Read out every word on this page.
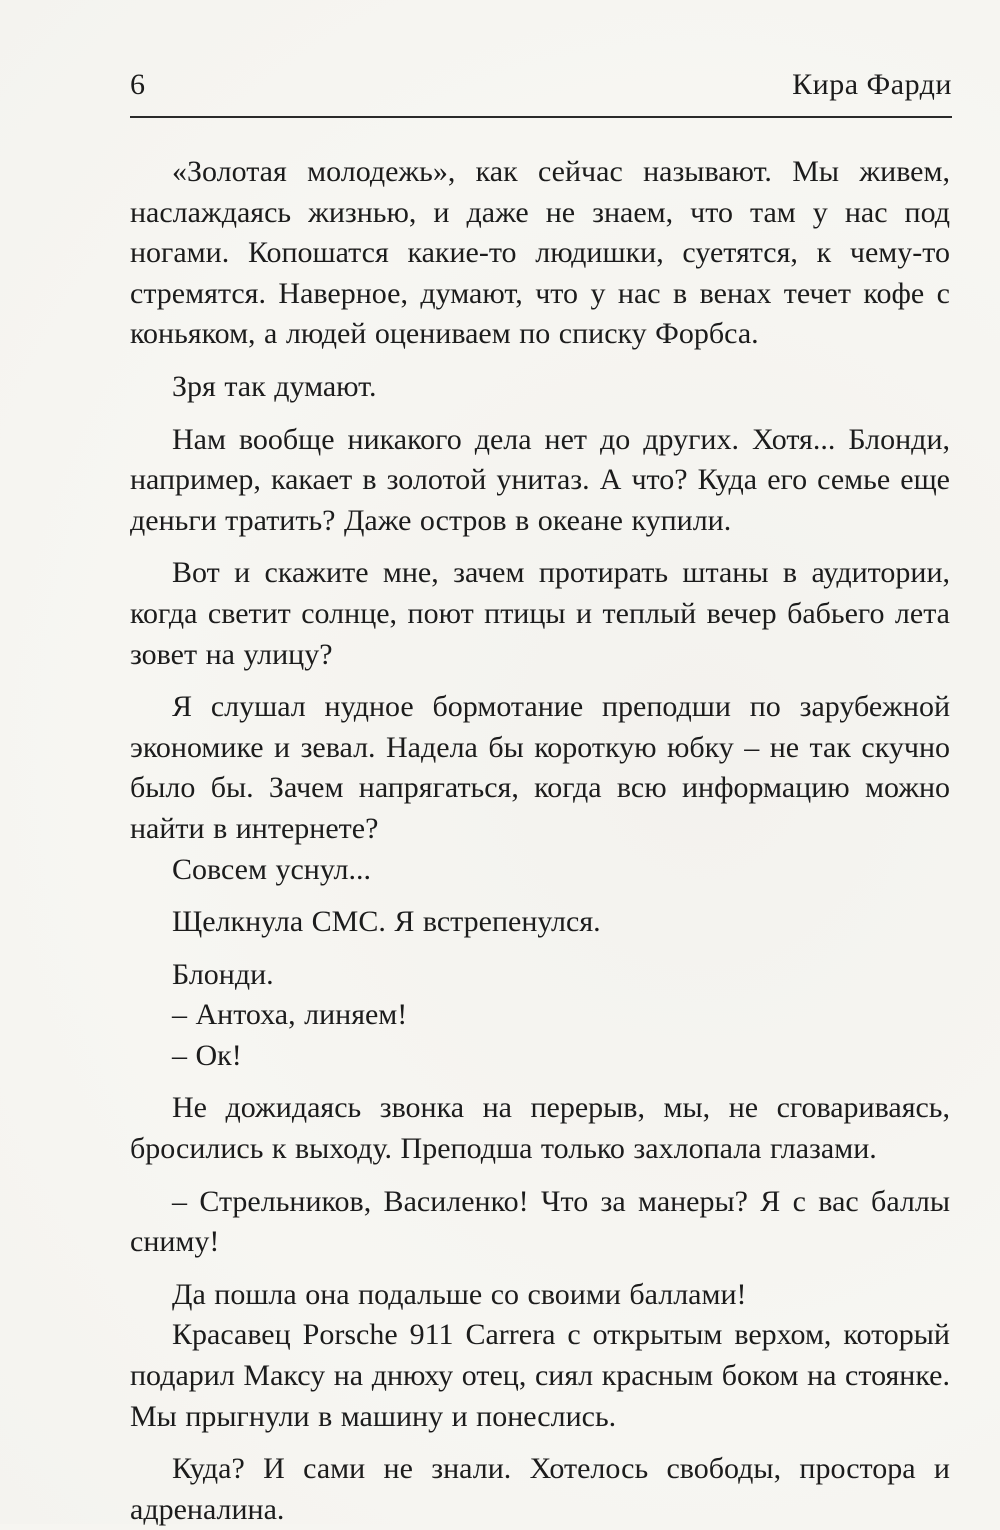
6	Кира Фарди

«Золотая молодежь», как сейчас называют. Мы живем, наслаждаясь жизнью, и даже не знаем, что там у нас под ногами. Копошатся какие-то людишки, суетятся, к чему-то стремятся. Наверное, думают, что у нас в венах течет кофе с коньяком, а людей оцениваем по списку Форбса.

Зря так думают.

Нам вообще никакого дела нет до других. Хотя... Блонди, например, какает в золотой унитаз. А что? Куда его семье еще деньги тратить? Даже остров в океане купили.

Вот и скажите мне, зачем протирать штаны в аудитории, когда светит солнце, поют птицы и теплый вечер бабьего лета зовет на улицу?

Я слушал нудное бормотание преподши по зарубежной экономике и зевал. Надела бы короткую юбку – не так скучно было бы. Зачем напрягаться, когда всю информацию можно найти в интернете?

Совсем уснул...

Щелкнула СМС. Я встрепенулся.

Блонди.

– Антоха, линяем!

– Ок!

Не дожидаясь звонка на перерыв, мы, не сговариваясь, бросились к выходу. Преподша только захлопала глазами.

– Стрельников, Василенко! Что за манеры? Я с вас баллы сниму!

Да пошла она подальше со своими баллами!

Красавец Porsche 911 Carrera с открытым верхом, который подарил Максу на днюху отец, сиял красным боком на стоянке. Мы прыгнули в машину и понеслись.

Куда? И сами не знали. Хотелось свободы, простора и адреналина.
